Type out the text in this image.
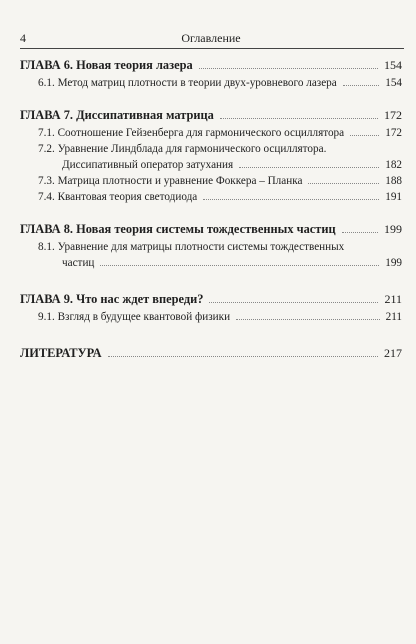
4	Оглавление
ГЛАВА 6. Новая теория лазера	154
6.1. Метод матриц плотности в теории двух-уровневого лазера	154
ГЛАВА 7. Диссипативная матрица	172
7.1. Соотношение Гейзенберга для гармонического осциллятора	172
7.2. Уравнение Линдблада для гармонического осциллятора.
Диссипативный оператор затухания	182
7.3. Матрица плотности и уравнение Фоккера – Планка	188
7.4. Квантовая теория светодиода	191
ГЛАВА 8. Новая теория системы тождественных частиц	199
8.1. Уравнение для матрицы плотности системы тождественных
частиц	199
ГЛАВА 9. Что нас ждет впереди?	211
9.1. Взгляд в будущее квантовой физики	211
ЛИТЕРАТУРА	217
